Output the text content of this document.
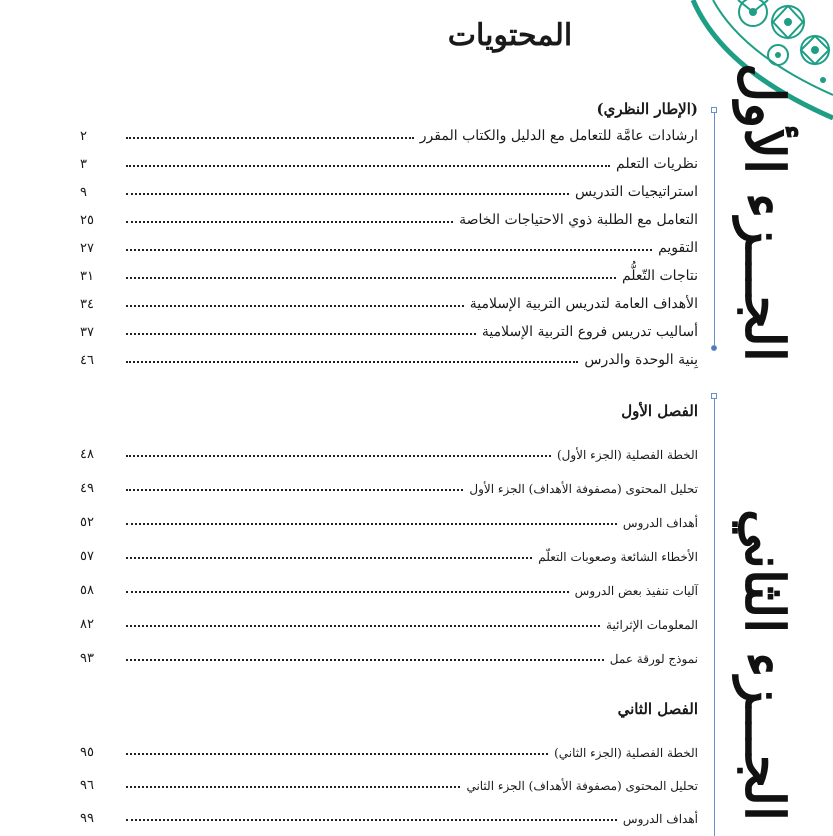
المحتويات
الجـــزء الأول
الجـــزء الثاني
(الإطار النظري)
ارشادات عامَّة للتعامل مع الدليل والكتاب المقرر
٢
نظريات التعلم
٣
استراتيجيات التدريس
٩
التعامل مع الطلبة ذوي الاحتياجات الخاصة
٢٥
التقويم
٢٧
نتاجات التّعلُّم
٣١
الأهداف العامة لتدريس التربية الإسلامية
٣٤
أساليب تدريس فروع التربية الإسلامية
٣٧
بِنية الوحدة والدرس
٤٦
الفصل الأول
الخطة الفصلية (الجزء الأول)
٤٨
تحليل المحتوى (مصفوفة الأهداف) الجزء الأول
٤٩
أهداف الدروس
٥٢
الأخطاء الشائعة وصعوبات التعلّم
٥٧
آليات تنفيذ بعض الدروس
٥٨
المعلومات الإثرائية
٨٢
نموذج لورقة عمل
٩٣
الفصل الثاني
الخطة الفصلية (الجزء الثاني)
٩٥
تحليل المحتوى (مصفوفة الأهداف) الجزء الثاني
٩٦
أهداف الدروس
٩٩
